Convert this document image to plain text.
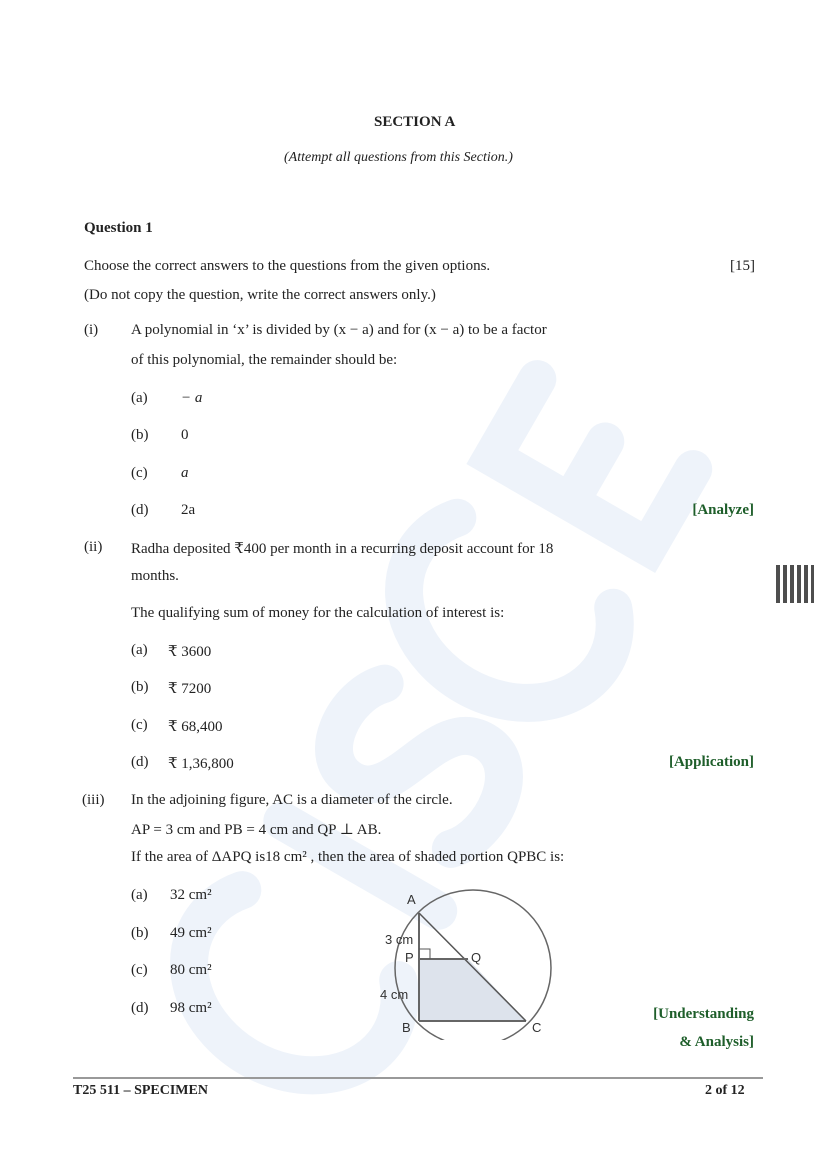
SECTION A
(Attempt all questions from this Section.)
Question 1
Choose the correct answers to the questions from the given options.	[15]
(Do not copy the question, write the correct answers only.)
(i) A polynomial in ‘x’ is divided by (x − a) and for (x − a) to be a factor
of this polynomial, the remainder should be:
(a) − a
(b) 0
(c) a
(d) 2a	[Analyze]
(ii) Radha deposited ₹400 per month in a recurring deposit account for 18
months.
The qualifying sum of money for the calculation of interest is:
(a) ₹ 3600
(b) ₹ 7200
(c) ₹ 68,400
(d) ₹ 1,36,800	[Application]
(iii) In the adjoining figure, AC is a diameter of the circle.
AP = 3 cm and PB = 4 cm and QP ⊥ AB.
If the area of ΔAPQ is18 cm² , then the area of shaded portion QPBC is:
(a) 32 cm²
(b) 49 cm²
(c) 80 cm²
(d) 98 cm²	[Understanding
& Analysis]
A
B	C
P	Q
3 cm
4 cm
T25 511 – SPECIMEN	2 of 12
